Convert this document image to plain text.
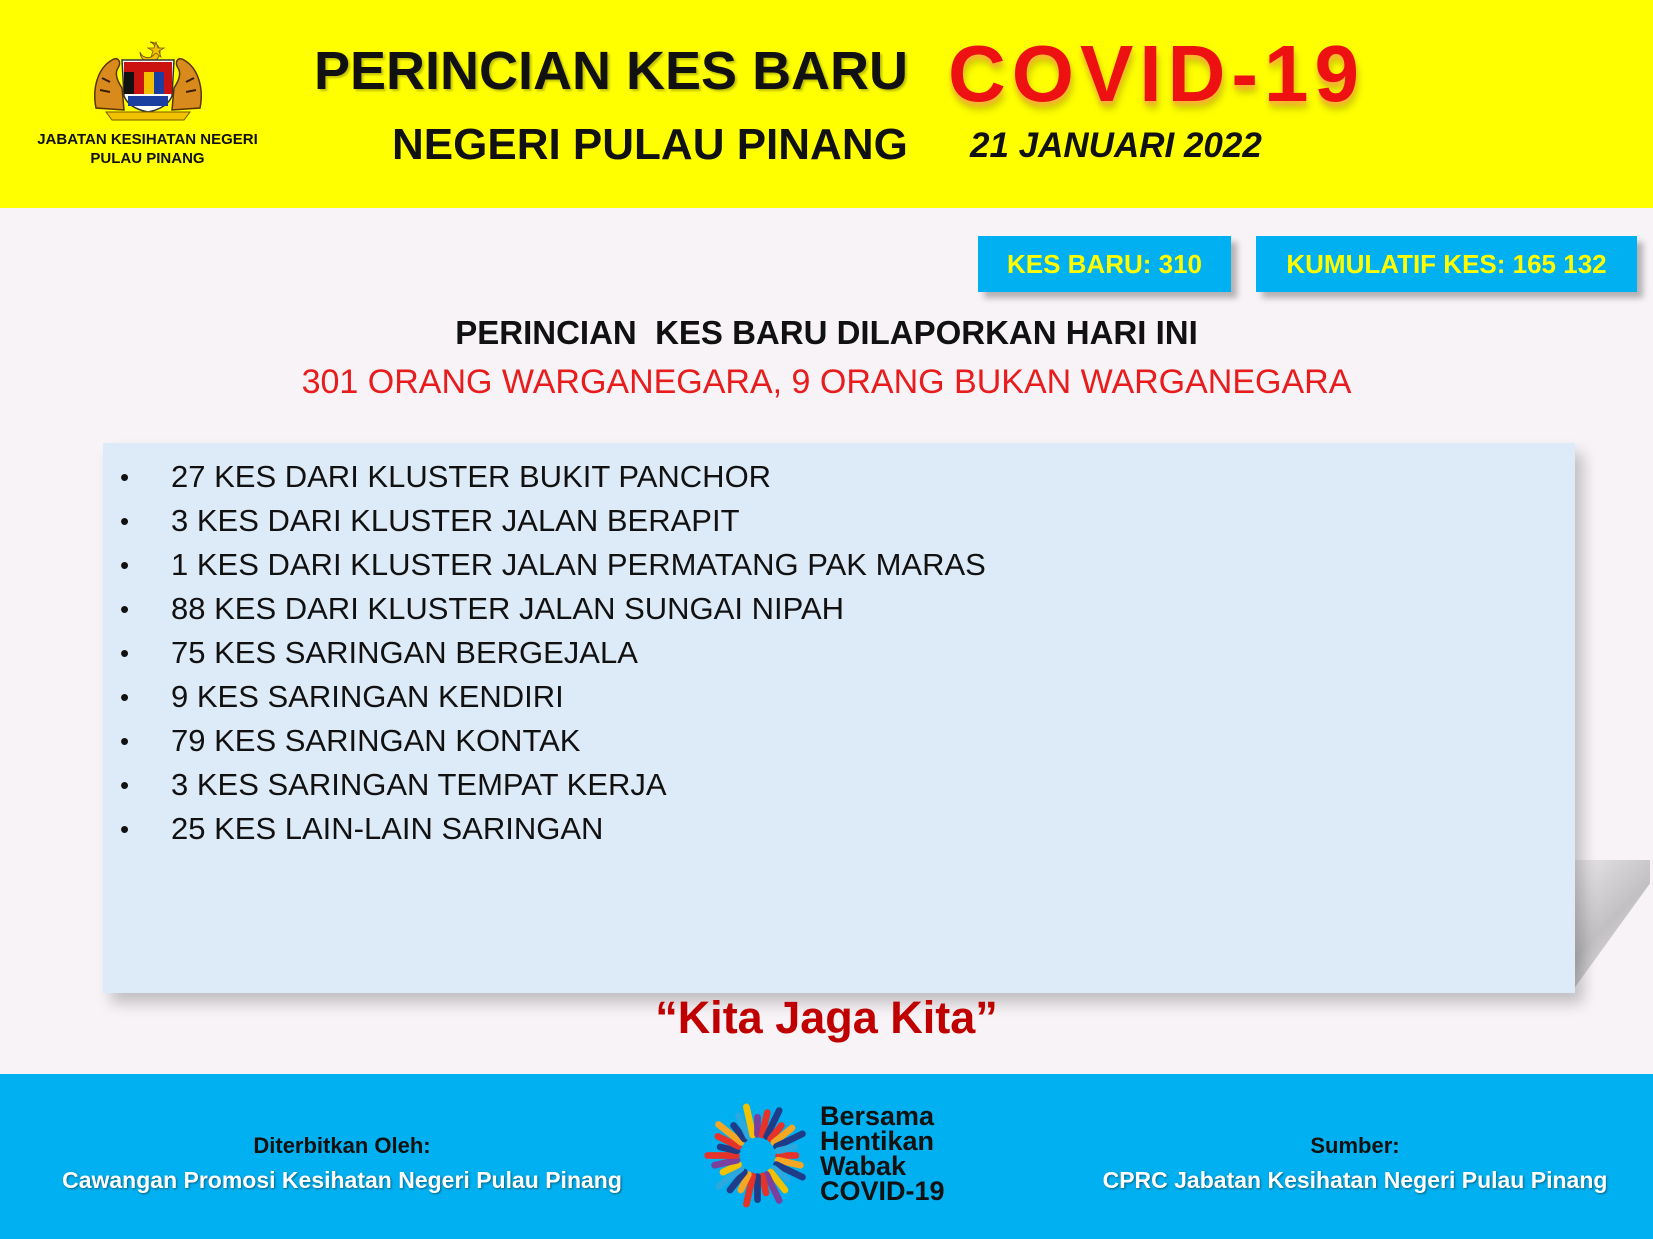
JABATAN KESIHATAN NEGERI
PULAU PINANG
PERINCIAN KES BARU COVID-19
NEGERI PULAU PINANG 21 JANUARI 2022
KES BARU: 310	KUMULATIF KES: 165 132
PERINCIAN  KES BARU DILAPORKAN HARI INI
301 ORANG WARGANEGARA, 9 ORANG BUKAN WARGANEGARA
• 27 KES DARI KLUSTER BUKIT PANCHOR
• 3 KES DARI KLUSTER JALAN BERAPIT
• 1 KES DARI KLUSTER JALAN PERMATANG PAK MARAS
• 88 KES DARI KLUSTER JALAN SUNGAI NIPAH
• 75 KES SARINGAN BERGEJALA
• 9 KES SARINGAN KENDIRI
• 79 KES SARINGAN KONTAK
• 3 KES SARINGAN TEMPAT KERJA
• 25 KES LAIN-LAIN SARINGAN
“Kita Jaga Kita”
Diterbitkan Oleh:
Cawangan Promosi Kesihatan Negeri Pulau Pinang
Bersama
Hentikan
Wabak
COVID-19
Sumber:
CPRC Jabatan Kesihatan Negeri Pulau Pinang
